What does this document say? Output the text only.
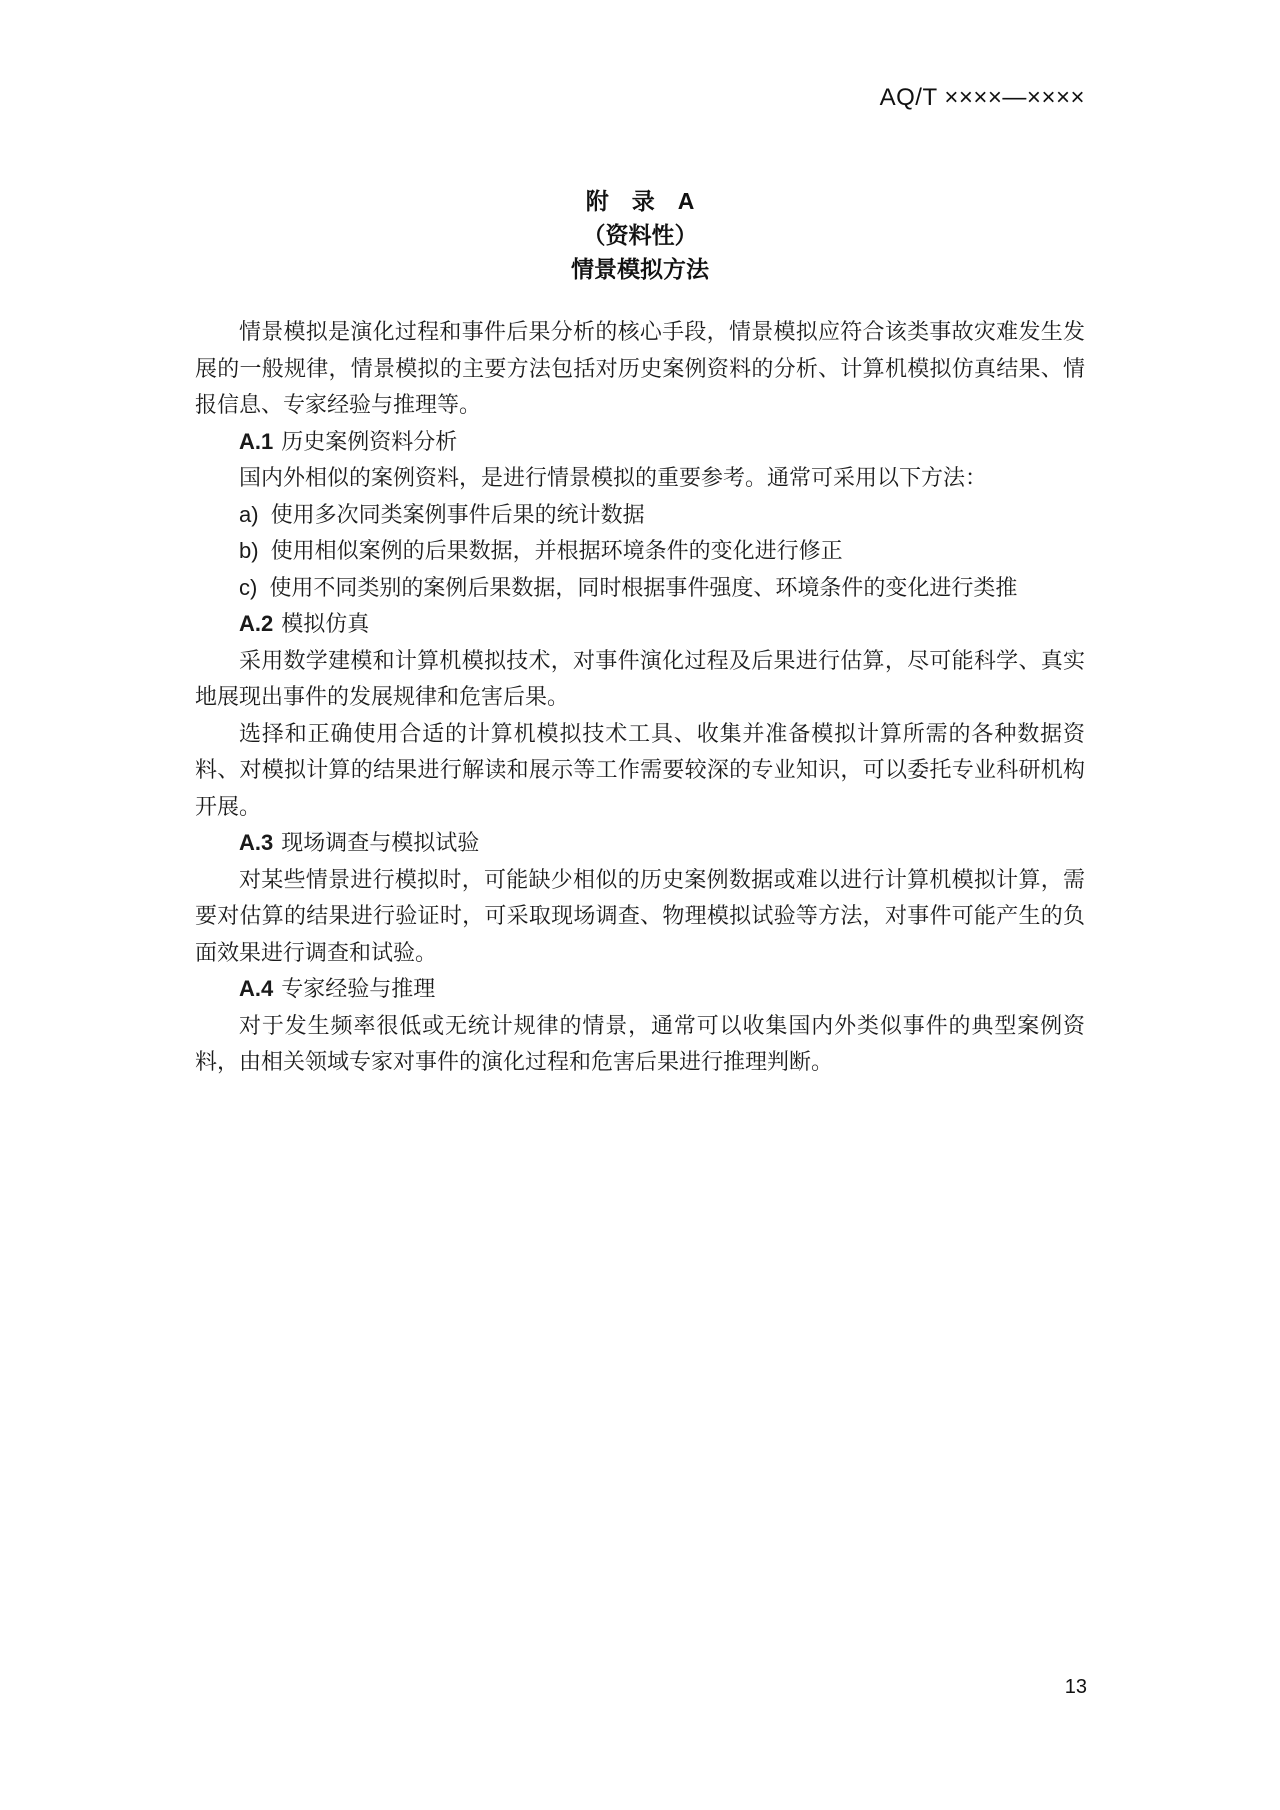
AQ/T ××××—××××
附　录　A
（资料性）
情景模拟方法

情景模拟是演化过程和事件后果分析的核心手段，情景模拟应符合该类事故灾难发生发展的一般规律，情景模拟的主要方法包括对历史案例资料的分析、计算机模拟仿真结果、情报信息、专家经验与推理等。

A.1 历史案例资料分析

国内外相似的案例资料，是进行情景模拟的重要参考。通常可采用以下方法：

a) 使用多次同类案例事件后果的统计数据
b) 使用相似案例的后果数据，并根据环境条件的变化进行修正
c) 使用不同类别的案例后果数据，同时根据事件强度、环境条件的变化进行类推
A.2 模拟仿真

采用数学建模和计算机模拟技术，对事件演化过程及后果进行估算，尽可能科学、真实地展现出事件的发展规律和危害后果。

选择和正确使用合适的计算机模拟技术工具、收集并准备模拟计算所需的各种数据资料、对模拟计算的结果进行解读和展示等工作需要较深的专业知识，可以委托专业科研机构开展。

A.3 现场调查与模拟试验

对某些情景进行模拟时，可能缺少相似的历史案例数据或难以进行计算机模拟计算，需要对估算的结果进行验证时，可采取现场调查、物理模拟试验等方法，对事件可能产生的负面效果进行调查和试验。

A.4 专家经验与推理

对于发生频率很低或无统计规律的情景，通常可以收集国内外类似事件的典型案例资料，由相关领域专家对事件的演化过程和危害后果进行推理判断。

13
